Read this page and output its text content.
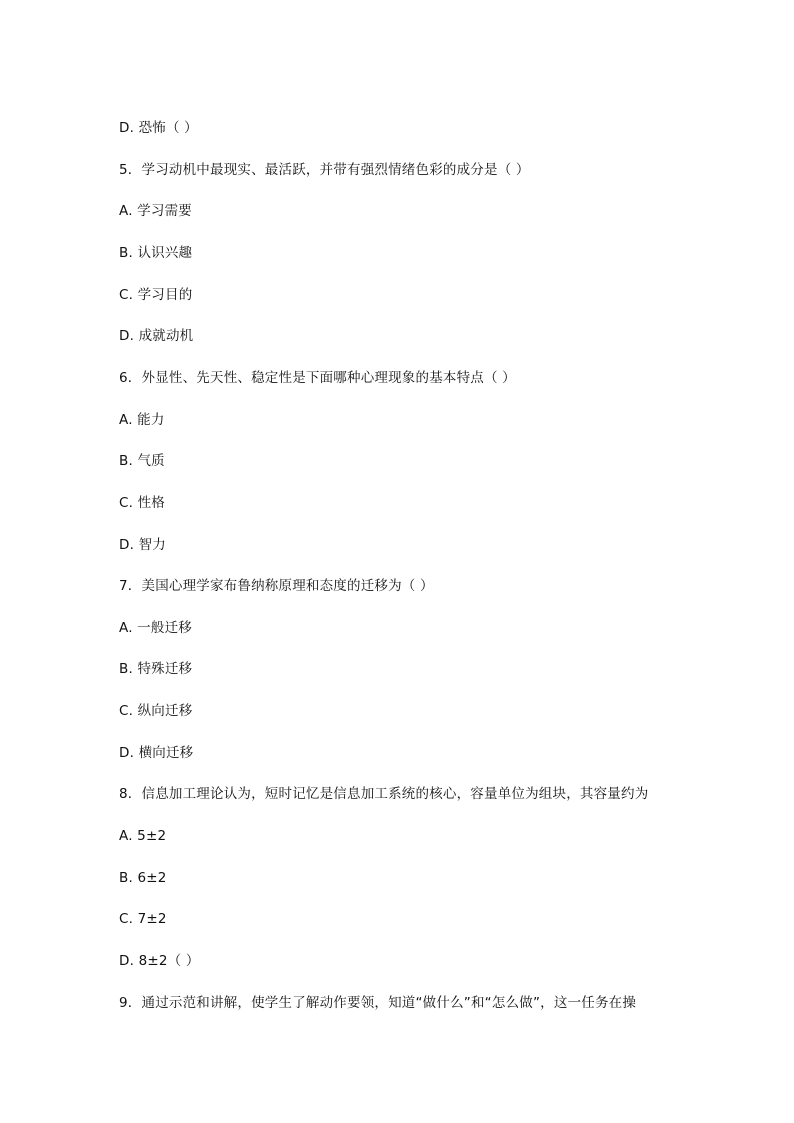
D. 恐怖（ ）
5．学习动机中最现实、最活跃，并带有强烈情绪色彩的成分是（ ）
A. 学习需要
B. 认识兴趣
C. 学习目的
D. 成就动机
6．外显性、先天性、稳定性是下面哪种心理现象的基本特点（ ）
A. 能力
B. 气质
C. 性格
D. 智力
7．美国心理学家布鲁纳称原理和态度的迁移为（ ）
A. 一般迁移
B. 特殊迁移
C. 纵向迁移
D. 横向迁移
8．信息加工理论认为，短时记忆是信息加工系统的核心，容量单位为组块，其容量约为
A. 5±2
B. 6±2
C. 7±2
D. 8±2（ ）
9．通过示范和讲解，使学生了解动作要领，知道“做什么”和“怎么做”，这一任务在操
